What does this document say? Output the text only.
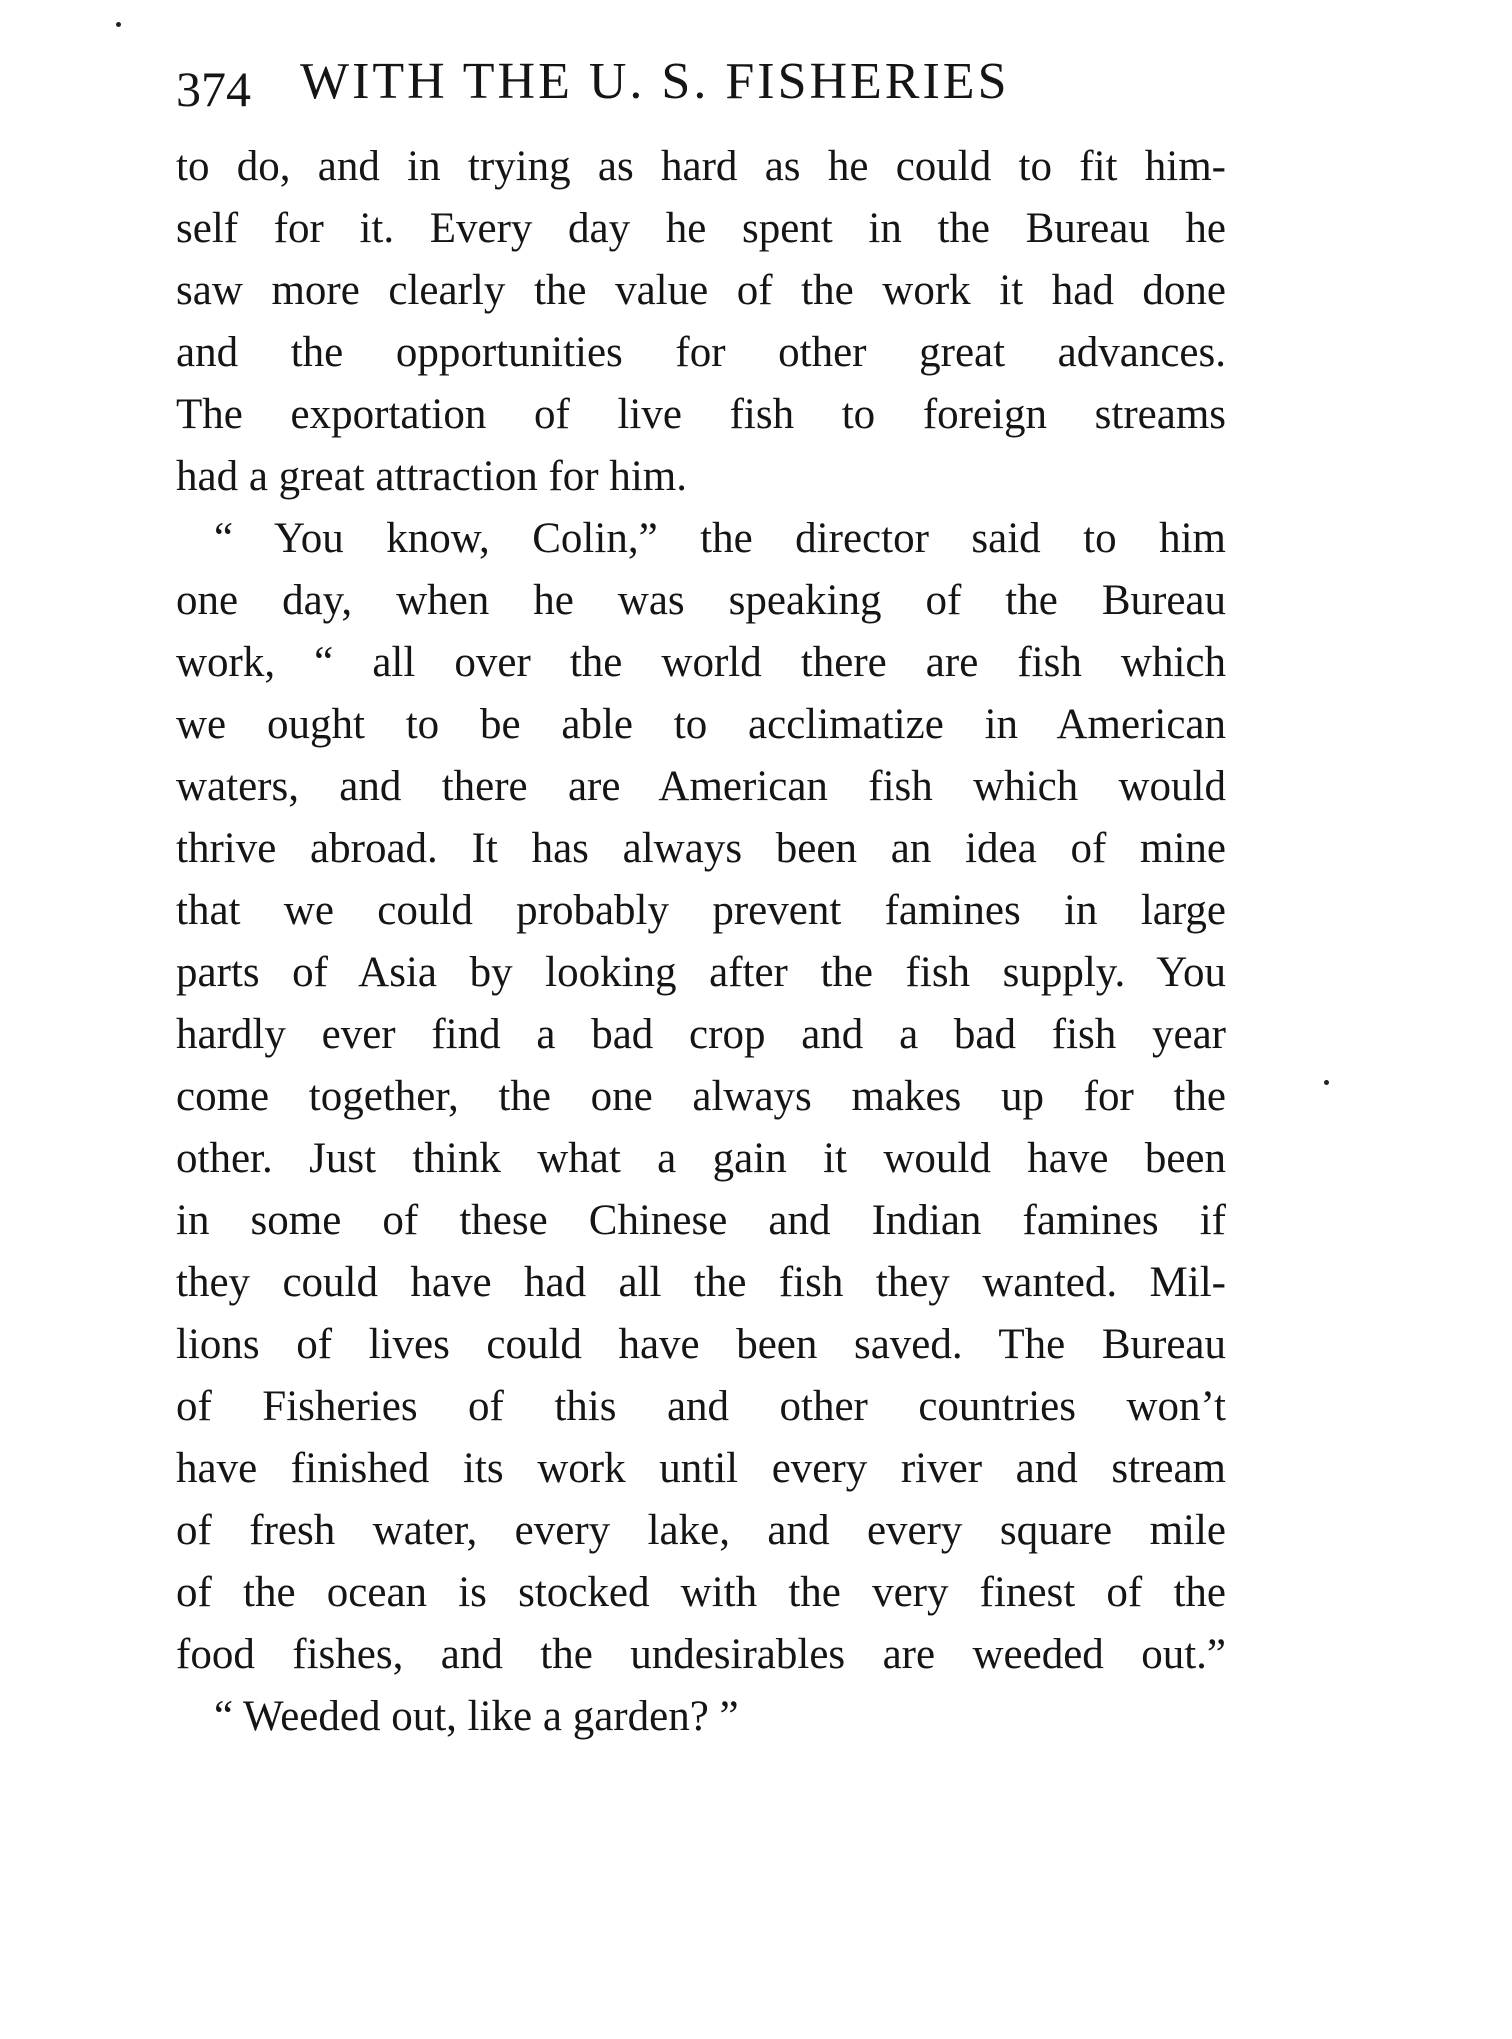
374 WITH THE U. S. FISHERIES
to do, and in trying as hard as he could to fit him-
self for it. Every day he spent in the Bureau he
saw more clearly the value of the work it had done
and the opportunities for other great advances.
The exportation of live fish to foreign streams
had a great attraction for him.
“ You know, Colin,” the director said to him
one day, when he was speaking of the Bureau
work, “ all over the world there are fish which
we ought to be able to acclimatize in American
waters, and there are American fish which would
thrive abroad. It has always been an idea of mine
that we could probably prevent famines in large
parts of Asia by looking after the fish supply. You
hardly ever find a bad crop and a bad fish year
come together, the one always makes up for the
other. Just think what a gain it would have been
in some of these Chinese and Indian famines if
they could have had all the fish they wanted. Mil-
lions of lives could have been saved. The Bureau
of Fisheries of this and other countries won’t
have finished its work until every river and stream
of fresh water, every lake, and every square mile
of the ocean is stocked with the very finest of the
food fishes, and the undesirables are weeded out.”
“ Weeded out, like a garden? ”
